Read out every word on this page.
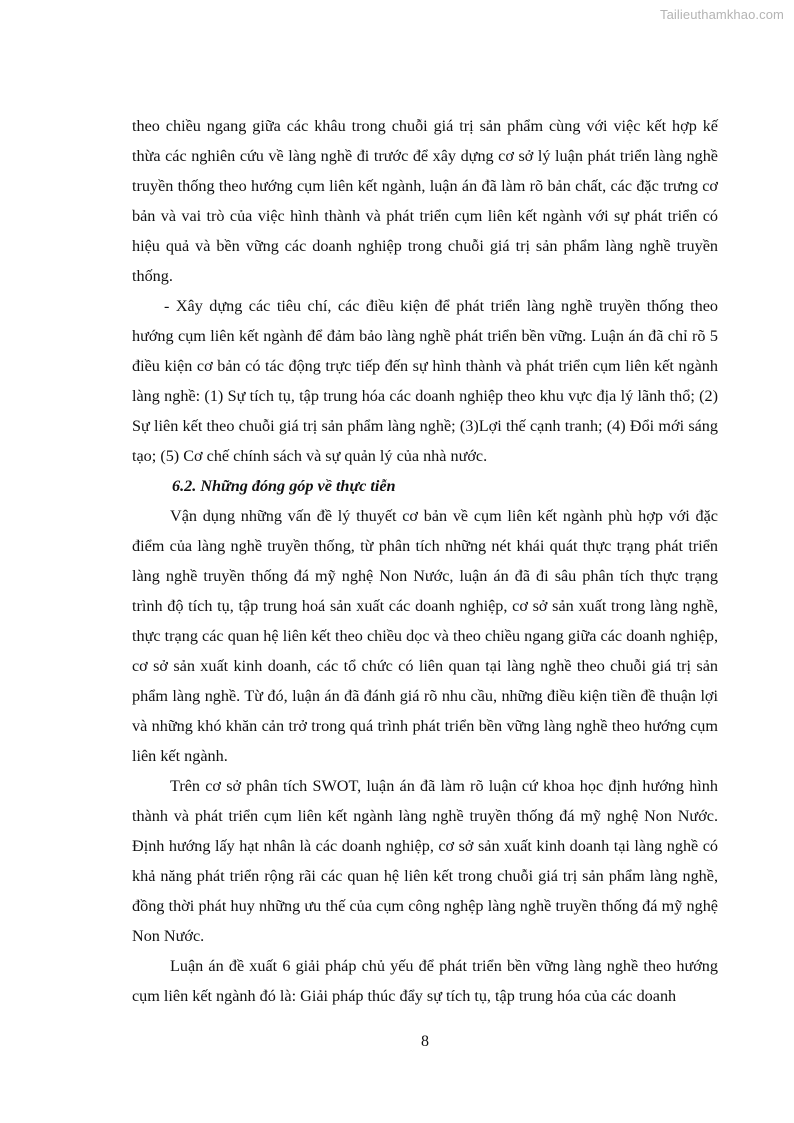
Tailieuthamkhao.com

theo chiều ngang giữa các khâu trong chuỗi giá trị sản phẩm cùng với việc kết hợp kế thừa các nghiên cứu về làng nghề đi trước để xây dựng cơ sở lý luận phát triển làng nghề truyền thống theo hướng cụm liên kết ngành, luận án đã làm rõ bản chất, các đặc trưng cơ bản và vai trò của việc hình thành và phát triển cụm liên kết ngành với sự phát triển có hiệu quả và bền vững các doanh nghiệp trong chuỗi giá trị sản phẩm làng nghề truyền thống.

- Xây dựng các tiêu chí, các điều kiện để phát triển làng nghề truyền thống theo hướng cụm liên kết ngành để đảm bảo làng nghề phát triển bền vững. Luận án đã chỉ rõ 5 điều kiện cơ bản có tác động trực tiếp đến sự hình thành và phát triển cụm liên kết ngành làng nghề: (1) Sự tích tụ, tập trung hóa các doanh nghiệp theo khu vực địa lý lãnh thổ; (2) Sự liên kết theo chuỗi giá trị sản phẩm làng nghề; (3)Lợi thế cạnh tranh; (4) Đổi mới sáng tạo; (5) Cơ chế chính sách và sự quản lý của nhà nước.

6.2. Những đóng góp về thực tiễn

Vận dụng những vấn đề lý thuyết cơ bản về cụm liên kết ngành phù hợp với đặc điểm của làng nghề truyền thống, từ phân tích những nét khái quát thực trạng phát triển làng nghề truyền thống đá mỹ nghệ Non Nước, luận án đã đi sâu phân tích thực trạng trình độ tích tụ, tập trung hoá sản xuất các doanh nghiệp, cơ sở sản xuất trong làng nghề, thực trạng các quan hệ liên kết theo chiều dọc và theo chiều ngang giữa các doanh nghiệp, cơ sở sản xuất kinh doanh, các tổ chức có liên quan tại làng nghề theo chuỗi giá trị sản phẩm làng nghề. Từ đó, luận án đã đánh giá rõ nhu cầu, những điều kiện tiền đề thuận lợi và những khó khăn cản trở trong quá trình phát triển bền vững làng nghề theo hướng cụm liên kết ngành.

Trên cơ sở phân tích SWOT, luận án đã làm rõ luận cứ khoa học định hướng hình thành và phát triển cụm liên kết ngành làng nghề truyền thống đá mỹ nghệ Non Nước. Định hướng lấy hạt nhân là các doanh nghiệp, cơ sở sản xuất kinh doanh tại làng nghề có khả năng phát triển rộng rãi các quan hệ liên kết trong chuỗi giá trị sản phẩm làng nghề, đồng thời phát huy những ưu thế của cụm công nghệp làng nghề truyền thống đá mỹ nghệ Non Nước.

Luận án đề xuất 6 giải pháp chủ yếu để phát triển bền vững làng nghề theo hướng cụm liên kết ngành đó là: Giải pháp thúc đẩy sự tích tụ, tập trung hóa của các doanh

8
